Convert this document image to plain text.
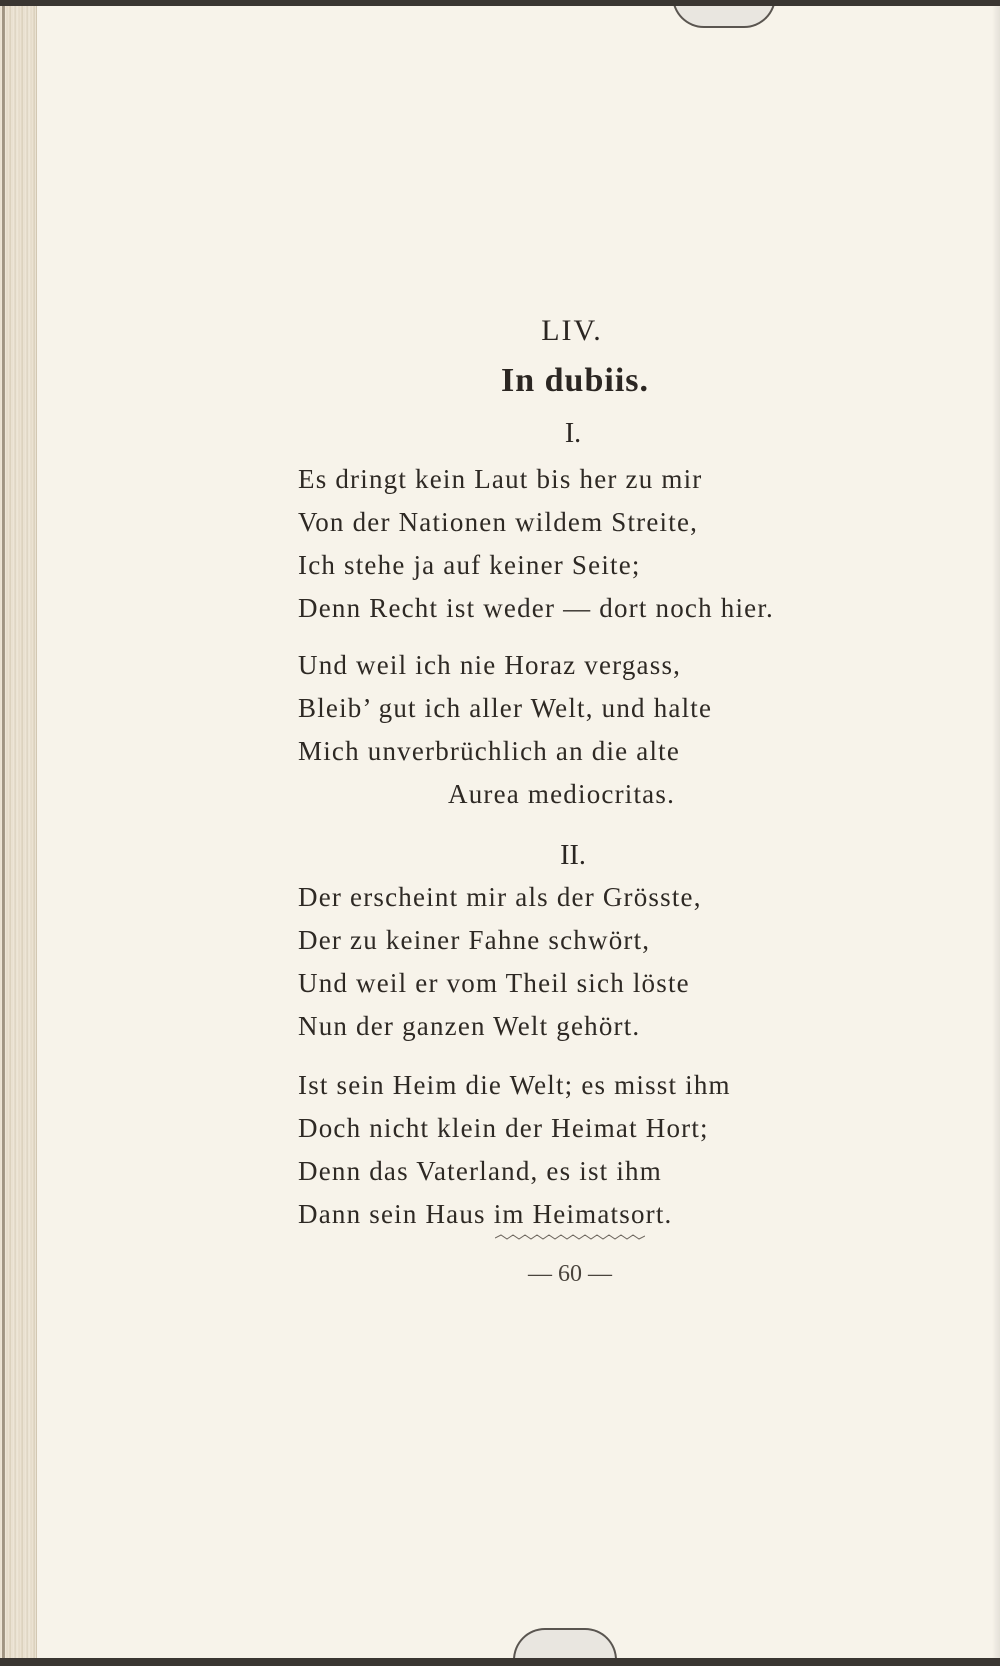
LIV.
In dubiis.
I.
Es dringt kein Laut bis her zu mir
Von der Nationen wildem Streite,
Ich stehe ja auf keiner Seite;
Denn Recht ist weder — dort noch hier.
Und weil ich nie Horaz vergass,
Bleib’ gut ich aller Welt, und halte
Mich unverbrüchlich an die alte
Aurea mediocritas.
II.
Der erscheint mir als der Grösste,
Der zu keiner Fahne schwört,
Und weil er vom Theil sich löste
Nun der ganzen Welt gehört.
Ist sein Heim die Welt; es misst ihm
Doch nicht klein der Heimat Hort;
Denn das Vaterland, es ist ihm
Dann sein Haus im Heimatsort.
— 60 —
